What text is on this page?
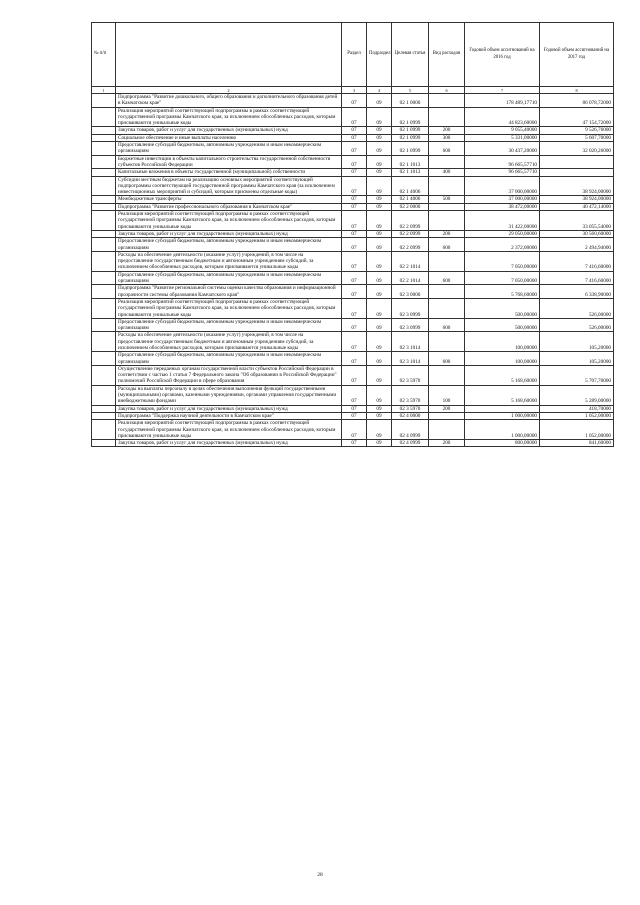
№ п/п		Раздел	Подраздел	Целевая статья	Вид расходов	Годовой объем ассигнований на 2016 год	Годовой объем ассигнований на 2017 год
1	2	3	4	5	6	7	8
	Подпрограмма "Развитие дошкольного, общего образования и дополнительного образования детей в Камчатском крае"	07	09	02 1 0000		178 489,17710	86 078,72000
	Реализация мероприятий соответствующей подпрограммы в рамках соответствующей государственной программы Камчатского края, за исключением обособленных расходов, которым присваиваются уникальные коды	07	09	02 1 0999		44 823,60000	47 154,72000
	Закупка товаров, работ и услуг для государственных (муниципальных) нужд	07	09	02 1 0999	200	9 055,40000	9 526,76000
	Социальное обеспечение и иные выплаты населению	07	09	02 1 0999	300	5 331,00000	5 607,70000
	Предоставление субсидий бюджетным, автономным учреждениям и иным некоммерческим организациям	07	09	02 1 0999	600	30 437,20000	32 020,26000
	Бюджетные инвестиции в объекты капитального строительства государственной собственности субъектов Российской Федерации	07	09	02 1 1013		96 665,57710	
	Капитальные вложения в объекты государственной (муниципальной) собственности	07	09	02 1 1013	400	96 665,57710	
	Субсидии местным бюджетам на реализацию основных мероприятий соответствующей подпрограммы соответствующей государственной программы Камчатского края (за исключением инвестиционных мероприятий и субсидий, которым присвоены отдельные коды)	07	09	02 1 4006		37 000,00000	38 924,00000
	Межбюджетные трансферты	07	09	02 1 4006	500	37 000,00000	38 924,00000
	Подпрограмма "Развитие профессионального образования в Камчатском крае"	07	09	02 2 0000		38 472,00000	40 472,14000
	Реализация мероприятий соответствующей подпрограммы в рамках соответствующей государственной программы Камчатского края, за исключением обособленных расходов, которым присваиваются уникальные коды	07	09	02 2 0999		31 422,00000	33 055,54000
	Закупка товаров, работ и услуг для государственных (муниципальных) нужд	07	09	02 2 0999	200	29 050,00000	30 560,60000
	Предоставление субсидий бюджетным, автономным учреждениям и иным некоммерческим организациям	07	09	02 2 0999	600	2 372,00000	2 494,94000
	Расходы на обеспечение деятельности (оказание услуг) учреждений, в том числе на предоставление государственным бюджетным и автономным учреждениям субсидий, за исключением обособленных расходов, которым присваиваются уникальные коды	07	09	02 2 1014		7 050,00000	7 416,60000
	Предоставление субсидий бюджетным, автономным учреждениям и иным некоммерческим организациям	07	09	02 2 1014	600	7 050,00000	7 416,60000
	Подпрограмма "Развитие региональной системы оценки качества образования и информационной прозрачности системы образования Камчатского края"	07	09	02 3 0000		5 768,60000	6 338,90000
	Реализация мероприятий соответствующей подпрограммы в рамках соответствующей государственной программы Камчатского края, за исключением обособленных расходов, которым присваиваются уникальные коды	07	09	02 3 0999		500,00000	526,00000
	Предоставление субсидий бюджетным, автономным учреждениям и иным некоммерческим организациям	07	09	02 3 0999	600	500,00000	526,00000
	Расходы на обеспечение деятельности (оказание услуг) учреждений, в том числе на предоставление государственным бюджетным и автономным учреждениям субсидий, за исключением обособленных расходов, которым присваиваются уникальные коды	07	09	02 3 1014		100,00000	105,20000
	Предоставление субсидий бюджетным, автономным учреждениям и иным некоммерческим организациям	07	09	02 3 1014	600	100,00000	105,20000
	Осуществление переданных органам государственной власти субъектов Российской Федерации в соответствии с частью 1 статьи 7 Федерального закона "Об образовании в Российской Федерации" полномочий Российской Федерации в сфере образования	07	09	02 3 5970		5 168,60000	5 707,70000
	Расходы на выплаты персоналу в целях обеспечения выполнения функций государственными (муниципальными) органами, казенными учреждениями, органами управления государственными внебюджетными фондами	07	09	02 3 5970	100	5 168,60000	5 289,00000
	Закупка товаров, работ и услуг для государственных (муниципальных) нужд	07	09	02 3 5970	200		418,70000
	Подпрограмма "Поддержка научной деятельности в Камчатском крае"	07	09	02 4 0000		1 000,00000	1 052,00000
	Реализация мероприятий соответствующей подпрограммы в рамках соответствующей государственной программы Камчатского края, за исключением обособленных расходов, которым присваиваются уникальные коды	07	09	02 4 0999		1 000,00000	1 052,00000
	Закупка товаров, работ и услуг для государственных (муниципальных) нужд	07	09	02 4 0999	200	800,00000	841,60000
28
